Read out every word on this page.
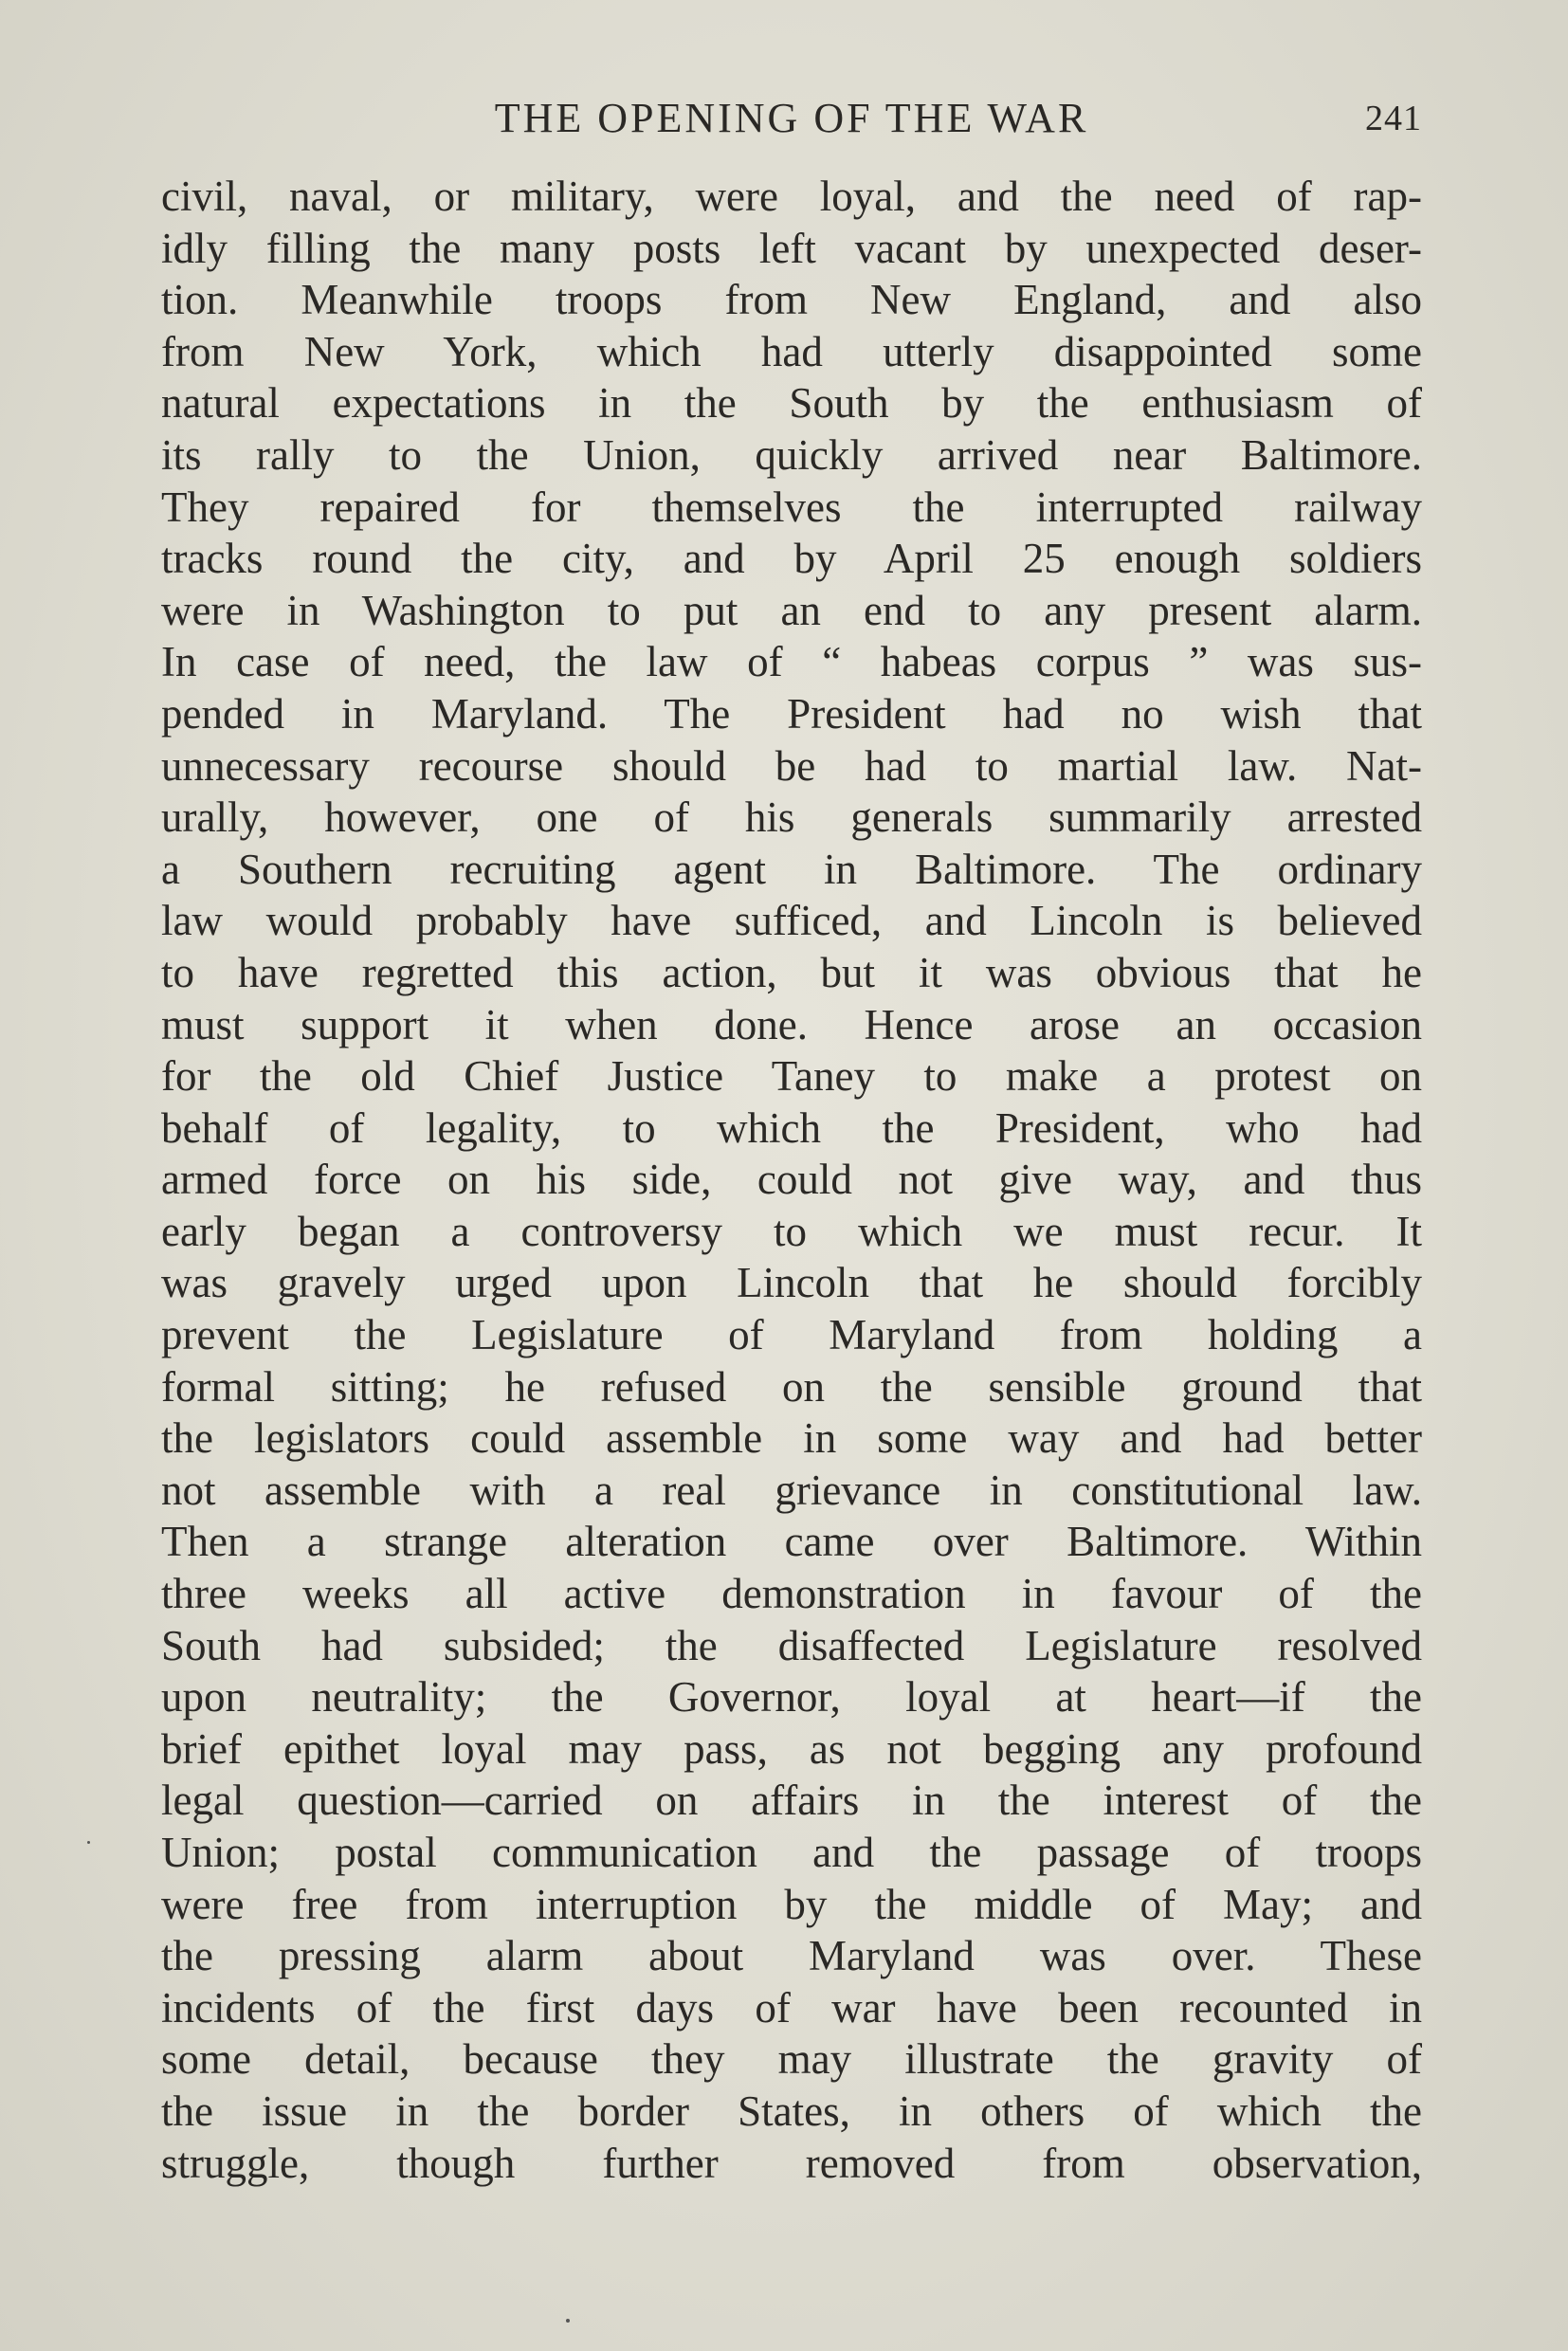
THE OPENING OF THE WAR	241
civil, naval, or military, were loyal, and the need of rap-
idly filling the many posts left vacant by unexpected deser-
tion. Meanwhile troops from New England, and also
from New York, which had utterly disappointed some
natural expectations in the South by the enthusiasm of
its rally to the Union, quickly arrived near Baltimore.
They repaired for themselves the interrupted railway
tracks round the city, and by April 25 enough soldiers
were in Washington to put an end to any present alarm.
In case of need, the law of “ habeas corpus ” was sus-
pended in Maryland. The President had no wish that
unnecessary recourse should be had to martial law. Nat-
urally, however, one of his generals summarily arrested
a Southern recruiting agent in Baltimore. The ordinary
law would probably have sufficed, and Lincoln is believed
to have regretted this action, but it was obvious that he
must support it when done. Hence arose an occasion
for the old Chief Justice Taney to make a protest on
behalf of legality, to which the President, who had
armed force on his side, could not give way, and thus
early began a controversy to which we must recur. It
was gravely urged upon Lincoln that he should forcibly
prevent the Legislature of Maryland from holding a
formal sitting; he refused on the sensible ground that
the legislators could assemble in some way and had better
not assemble with a real grievance in constitutional law.
Then a strange alteration came over Baltimore. Within
three weeks all active demonstration in favour of the
South had subsided; the disaffected Legislature resolved
upon neutrality; the Governor, loyal at heart—if the
brief epithet loyal may pass, as not begging any profound
legal question—carried on affairs in the interest of the
Union; postal communication and the passage of troops
were free from interruption by the middle of May; and
the pressing alarm about Maryland was over. These
incidents of the first days of war have been recounted in
some detail, because they may illustrate the gravity of
the issue in the border States, in others of which the
struggle, though further removed from observation,
